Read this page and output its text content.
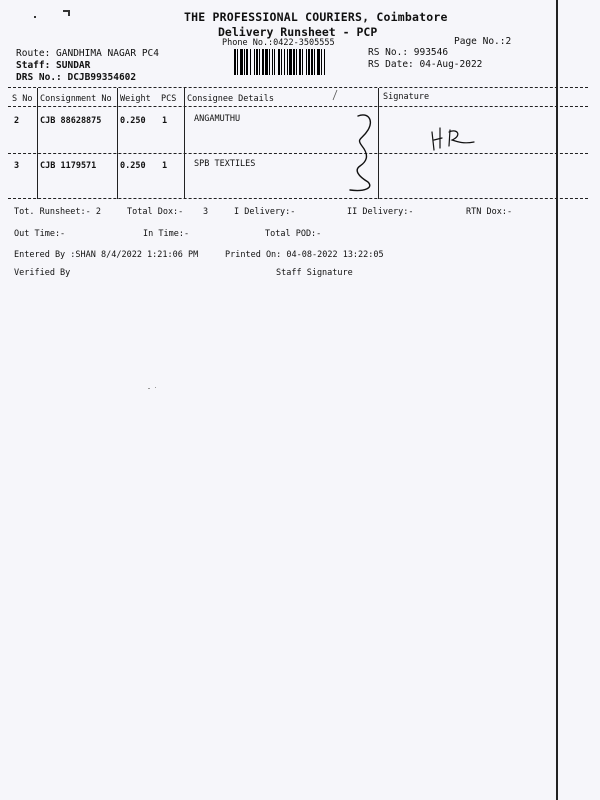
THE PROFESSIONAL COURIERS, Coimbatore
Delivery Runsheet - PCP
Phone No.:0422-3505555	Page No.:2
Route: GANDHIMA NAGAR PC4
Staff: SUNDAR
DRS No.: DCJB99354602
RS No.: 993546
RS Date: 04-Aug-2022
S No Consignment No Weight PCS Consignee Details	Signature
2 CJB 88628875 0.250 1	ANGAMUTHU
3 CJB 1179571	0.250 1	SPB TEXTILES
Tot. Runsheet:- 2	Total Dox:- 3	I Delivery:-	II Delivery:-	RTN Dox:-
Out Time:-	In Time:-	Total POD:-
Entered By :SHAN 8/4/2022 1:21:06 PM	Printed On: 04-08-2022 13:22:05
Verified By	Staff Signature
